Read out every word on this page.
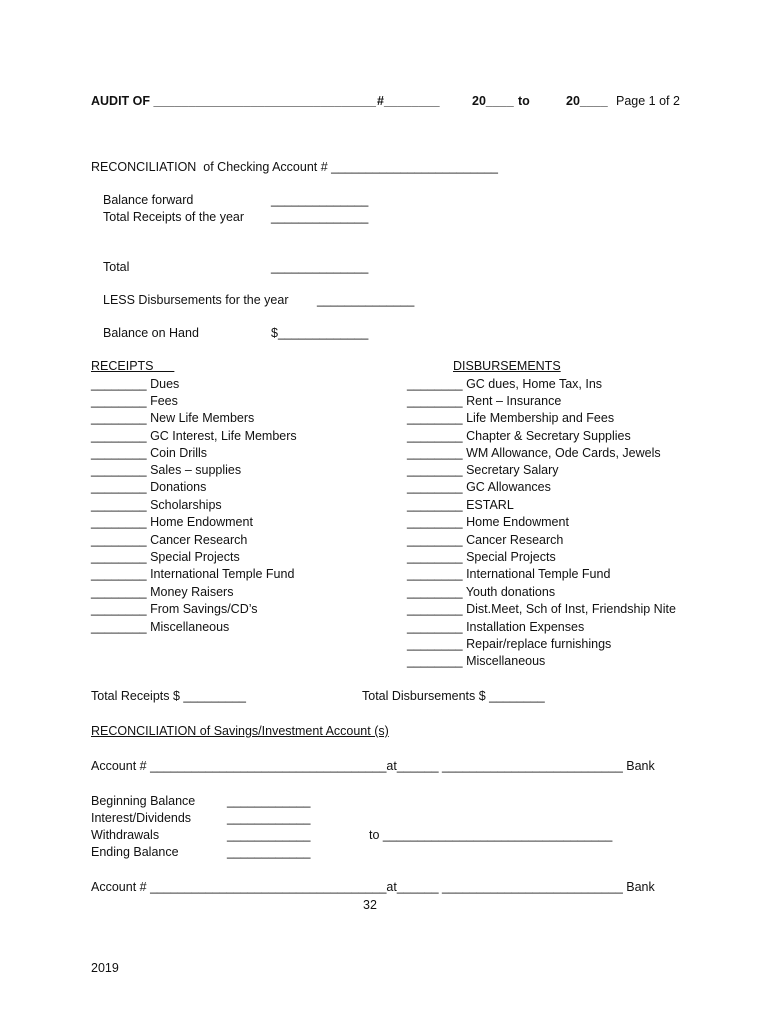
AUDIT OF ________________________________ #________	20____ to	20____ Page 1 of 2
RECONCILIATION  of Checking Account # ________________________
Balance forward	______________
Total Receipts of the year ______________
Total	______________
LESS Disbursements for the year ______________
Balance on Hand	$_____________
RECEIPTS
________ Dues
________ Fees
________ New Life Members
________ GC Interest, Life Members
________ Coin Drills
________ Sales – supplies
________ Donations
________ Scholarships
________ Home Endowment
________ Cancer Research
________ Special Projects
________ International Temple Fund
________ Money Raisers
________ From Savings/CD’s
________ Miscellaneous
DISBURSEMENTS
________ GC dues, Home Tax, Ins
________ Rent – Insurance
________ Life Membership and Fees
________ Chapter & Secretary Supplies
________ WM Allowance, Ode Cards, Jewels
________ Secretary Salary
________ GC Allowances
________ ESTARL
________ Home Endowment
________ Cancer Research
________ Special Projects
________ International Temple Fund
________ Youth donations
________ Dist.Meet, Sch of Inst, Friendship Nite
________ Installation Expenses
________ Repair/replace furnishings
________ Miscellaneous
Total Receipts $ _________	Total Disbursements $ ________
RECONCILIATION of Savings/Investment Account (s)
Account # __________________________________at______ __________________________ Bank
Beginning Balance	____________
Interest/Dividends	____________
Withdrawals	____________	to _________________________________
Ending Balance	____________
Account # __________________________________at______ __________________________ Bank
32
2019
